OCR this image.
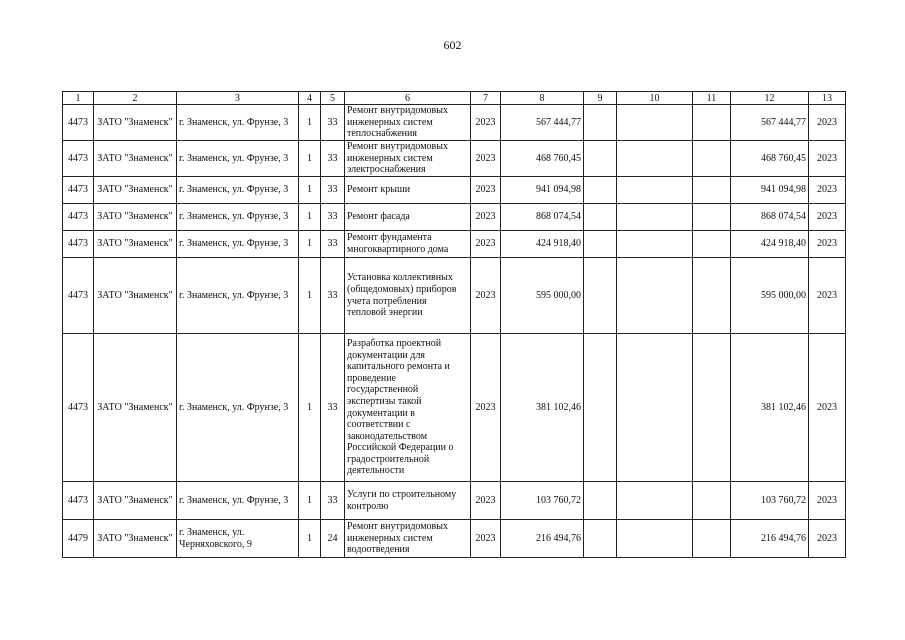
602
1	2	3	4	5	6	7	8	9	10	11	12	13
4473	ЗАТО "Знаменск"	г. Знаменск, ул. Фрунзе, 3	1	33	Ремонт внутридомовых инженерных систем теплоснабжения	2023	567 444,77				567 444,77	2023
4473	ЗАТО "Знаменск"	г. Знаменск, ул. Фрунзе, 3	1	33	Ремонт внутридомовых инженерных систем электроснабжения	2023	468 760,45				468 760,45	2023
4473	ЗАТО "Знаменск"	г. Знаменск, ул. Фрунзе, 3	1	33	Ремонт крыши	2023	941 094,98				941 094,98	2023
4473	ЗАТО "Знаменск"	г. Знаменск, ул. Фрунзе, 3	1	33	Ремонт фасада	2023	868 074,54				868 074,54	2023
4473	ЗАТО "Знаменск"	г. Знаменск, ул. Фрунзе, 3	1	33	Ремонт фундамента многоквартирного дома	2023	424 918,40				424 918,40	2023
4473	ЗАТО "Знаменск"	г. Знаменск, ул. Фрунзе, 3	1	33	Установка коллективных (общедомовых) приборов учета потребления тепловой энергии	2023	595 000,00				595 000,00	2023
4473	ЗАТО "Знаменск"	г. Знаменск, ул. Фрунзе, 3	1	33	Разработка проектной документации для капитального ремонта и проведение государственной экспертизы такой документации в соответствии с законодательством Российской Федерации о градостроительной деятельности	2023	381 102,46				381 102,46	2023
4473	ЗАТО "Знаменск"	г. Знаменск, ул. Фрунзе, 3	1	33	Услуги по строительному контролю	2023	103 760,72				103 760,72	2023
4479	ЗАТО "Знаменск"	г. Знаменск, ул. Черняховского, 9	1	24	Ремонт внутридомовых инженерных систем водоотведения	2023	216 494,76				216 494,76	2023
